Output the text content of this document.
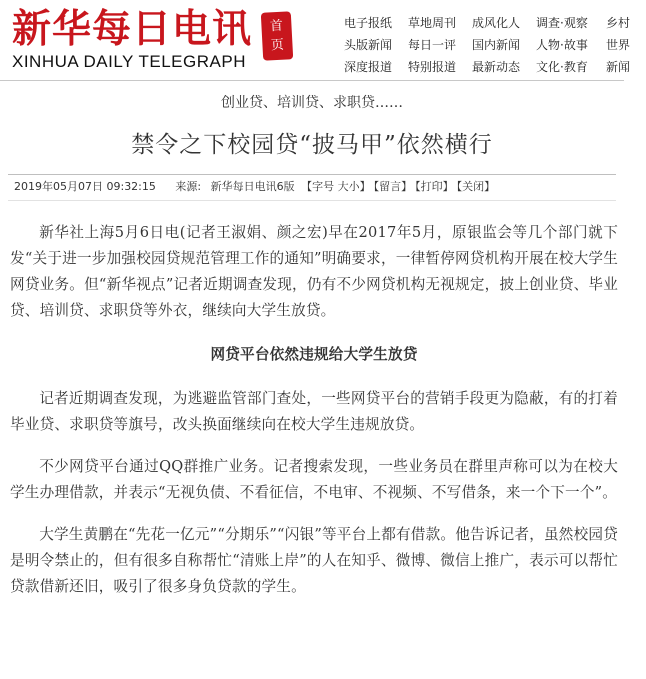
新华每日电讯	首
页
XINHUA DAILY TELEGRAPH
电子报纸	草地周刊	成风化人	调查·观察	乡村
头版新闻	每日一评	国内新闻	人物·故事	世界
深度报道	特别报道	最新动态	文化·教育	新闻
创业贷、培训贷、求职贷……
禁令之下校园贷“披马甲”依然横行
2019年05月07日 09:32:15 来源: 新华每日电讯6版 【字号 大小】 【留言】 【打印】 【关闭】

新华社上海5月6日电(记者王淑娟、颜之宏)早在2017年5月，原银监会等几个部门就下发“关于进一步加强校园贷规范管理工作的通知”明确要求，一律暂停网贷机构开展在校大学生网贷业务。但“新华视点”记者近期调查发现，仍有不少网贷机构无视规定，披上创业贷、毕业贷、培训贷、求职贷等外衣，继续向大学生放贷。

网贷平台依然违规给大学生放贷

记者近期调查发现，为逃避监管部门查处，一些网贷平台的营销手段更为隐蔽，有的打着毕业贷、求职贷等旗号，改头换面继续向在校大学生违规放贷。

不少网贷平台通过QQ群推广业务。记者搜索发现，一些业务员在群里声称可以为在校大学生办理借款，并表示“无视负债、不看征信，不电审、不视频、不写借条，来一个下一个”。

大学生黄鹏在“先花一亿元”“分期乐”“闪银”等平台上都有借款。他告诉记者，虽然校园贷是明令禁止的，但有很多自称帮忙“清账上岸”的人在知乎、微博、微信上推广，表示可以帮忙贷款借新还旧，吸引了很多身负贷款的学生。
